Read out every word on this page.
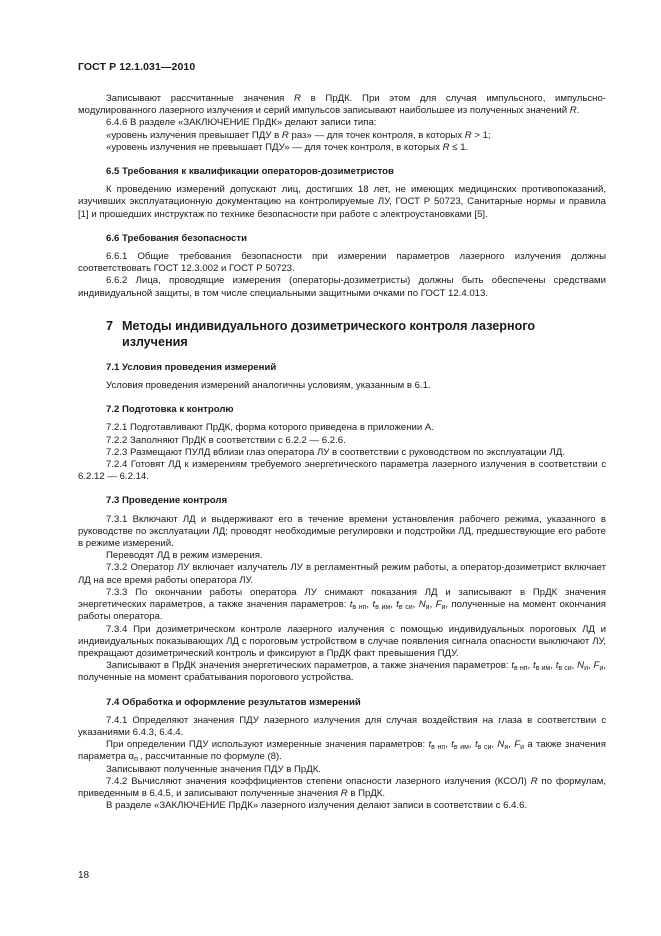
ГОСТ Р 12.1.031—2010

Записывают рассчитанные значения R в ПрДК. При этом для случая импульсного, импульсно-модулированного лазерного излучения и серий импульсов записывают наибольшее из полученных значений R.

6.4.6 В разделе «ЗАКЛЮЧЕНИЕ ПрДК» делают записи типа:

«уровень излучения превышает ПДУ в R раз» — для точек контроля, в которых R > 1;

«уровень излучения не превышает ПДУ» — для точек контроля, в которых R ≤ 1.

6.5 Требования к квалификации операторов-дозиметристов

К проведению измерений допускают лиц, достигших 18 лет, не имеющих медицинских противопоказаний, изучивших эксплуатационную документацию на контролируемые ЛУ, ГОСТ Р 50723, Санитарные нормы и правила [1] и прошедших инструктаж по технике безопасности при работе с электроустановками [5].

6.6 Требования безопасности

6.6.1 Общие требования безопасности при измерении параметров лазерного излучения должны соответствовать ГОСТ 12.3.002 и ГОСТ Р 50723.

6.6.2 Лица, проводящие измерения (операторы-дозиметристы) должны быть обеспечены средствами индивидуальной защиты, в том числе специальными защитными очками по ГОСТ 12.4.013.

7 Методы индивидуального дозиметрического контроля лазерного
излучения
7.1 Условия проведения измерений

Условия проведения измерений аналогичны условиям, указанным в 6.1.

7.2 Подготовка к контролю

7.2.1 Подготавливают ПрДК, форма которого приведена в приложении А.

7.2.2 Заполняют ПрДК в соответствии с 6.2.2 — 6.2.6.

7.2.3 Размещают ПУЛД вблизи глаз оператора ЛУ в соответствии с руководством по эксплуатации ЛД.

7.2.4 Готовят ЛД к измерениям требуемого энергетического параметра лазерного излучения в соответствии с 6.2.12 — 6.2.14.

7.3 Проведение контроля

7.3.1 Включают ЛД и выдерживают его в течение времени установления рабочего режима, указанного в руководстве по эксплуатации ЛД; проводят необходимые регулировки и подстройки ЛД, предшествующие его работе в режиме измерений.

Переводят ЛД в режим измерения.

7.3.2 Оператор ЛУ включает излучатель ЛУ в регламентный режим работы, а оператор-дозиметрист включает ЛД на все время работы оператора ЛУ.

7.3.3 По окончании работы оператора ЛУ снимают показания ЛД и записывают в ПрДК значения энергетических параметров, а также значения параметров: $t_{в нп}$, $t_{в им}$, $t_{в си}$, $N_и$, $F_и$, полученные на момент окончания работы оператора.

7.3.4 При дозиметрическом контроле лазерного излучения с помощью индивидуальных пороговых ЛД и индивидуальных показывающих ЛД с пороговым устройством в случае появления сигнала опасности выключают ЛУ, прекращают дозиметрический контроль и фиксируют в ПрДК факт превышения ПДУ.

Записывают в ПрДК значения энергетических параметров, а также значения параметров: $t_{в нп}$, $t_{в им}$, $t_{в си}$, $N_и$, $F_и$, полученные на момент срабатывания порогового устройства.

7.4 Обработка и оформление результатов измерений

7.4.1 Определяют значения ПДУ лазерного излучения для случая воздействия на глаза в соответствии с указаниями 6.4.3, 6.4.4.

При определении ПДУ используют измеренные значения параметров: $t_{в нп}$, $t_{в им}$, $t_{в си}$, $N_и$, $F_и$ а также значения параметра $\alpha_п$ , рассчитанные по формуле (8).

Записывают полученные значения ПДУ в ПрДК.

7.4.2 Вычисляют значения коэффициентов степени опасности лазерного излучения (КСОЛ) R по формулам, приведенным в 6.4.5, и записывают полученные значения R в ПрДК.

В разделе «ЗАКЛЮЧЕНИЕ ПрДК» лазерного излучения делают записи в соответствии с 6.4.6.

18
